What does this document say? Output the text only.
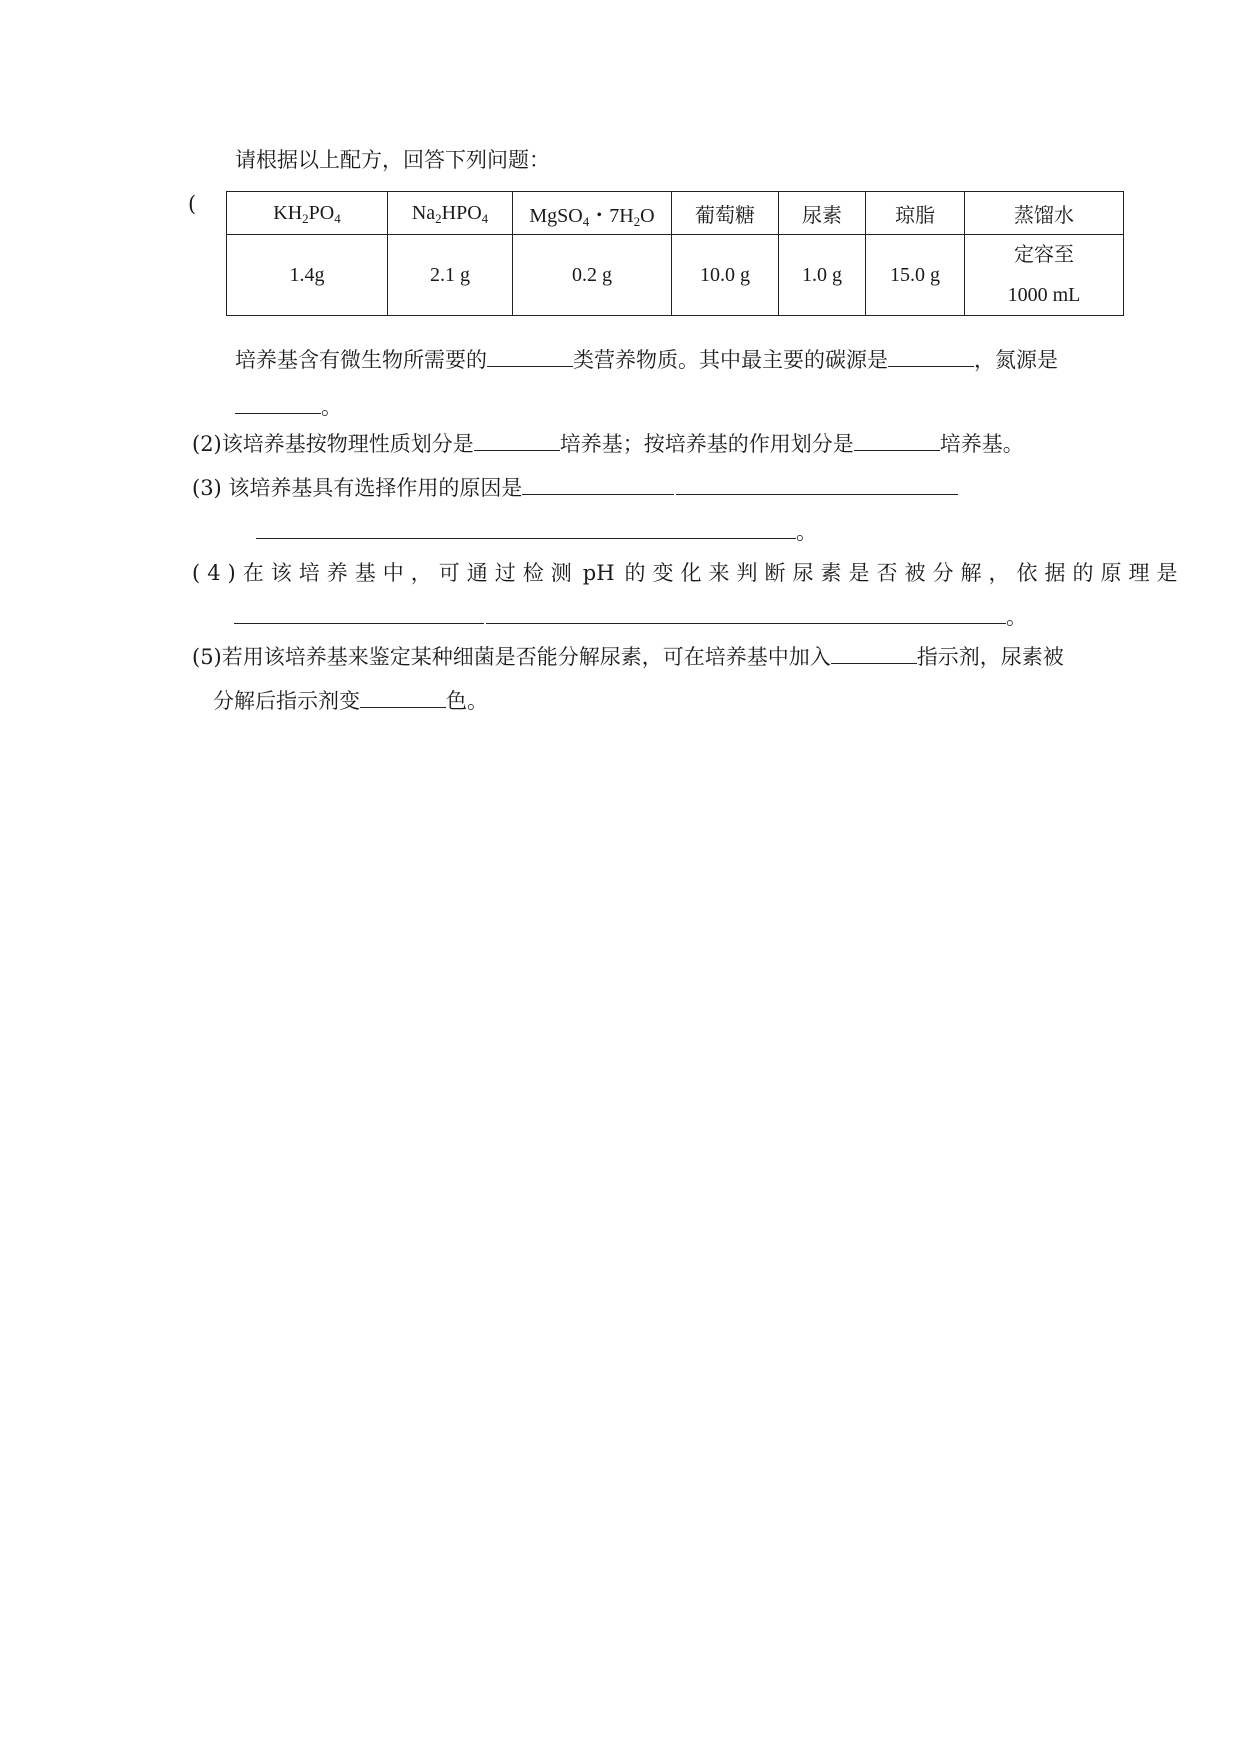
请根据以上配方，回答下列问题：
(	$KH_2PO_4$	$Na_2HPO_4$	MgSO$_4$・$7H_2O$	葡萄糖	尿素	琼脂	蒸馏水
1.4g	2.1 g	0.2 g	10.0 g	1.0 g	15.0 g	定容至
1000 mL
培养基含有微生物所需要的	类营养物质。其中最主要的碳源是	，氮源是
。
(2)该培养基按物理性质划分是	培养基；按培养基的作用划分是	培养基。
(3) 该培养基具有选择作用的原因是
。
(4)在该培养基中，可通过检测 pH 的变化来判断尿素是否被分解，依据的原理是
。
(5)若用该培养基来鉴定某种细菌是否能分解尿素，可在培养基中加入	指示剂，尿素被
分解后指示剂变	色。
